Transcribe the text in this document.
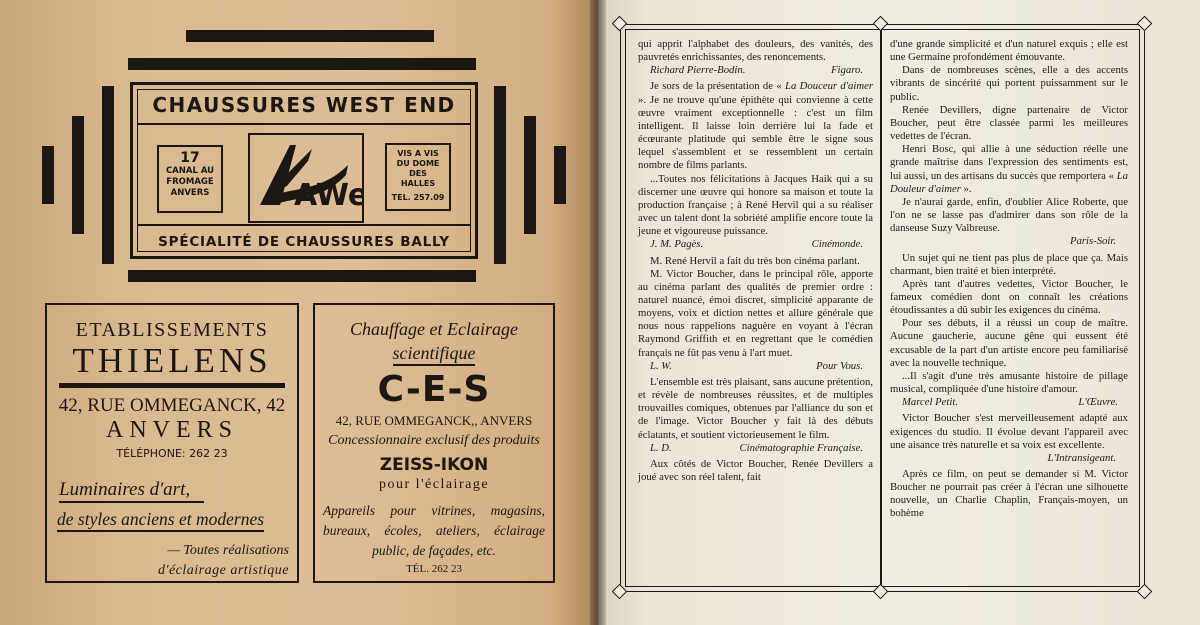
CHAUSSURES WEST END
17
CANAL AU
FROMAGE
ANVERS	AWe
VIS A VIS
DU DOME
DES
HALLES
TEL. 257.09
SPÉCIALITÉ DE CHAUSSURES BALLY
ETABLISSEMENTS
THIELENS
42, RUE OMMEGANCK, 42
ANVERS
TÉLÉPHONE: 262 23
Luminaires d'art,
de styles anciens et modernes
— Toutes réalisations
d'éclairage artistique
Chauffage et Eclairage
scientifique
C-E-S
42, RUE OMMEGANCK,, ANVERS
Concessionnaire exclusif des produits
ZEISS-IKON
pour l'éclairage
Appareils pour vitrines, magasins, bureaux, écoles, ateliers, éclairage public, de façades, etc.
TÉL. 262 23

qui apprit l'alphabet des douleurs, des vanités, des pauvretés enrichissantes, des renoncements.

Richard Pierre-Bodin.	Figaro.

Je sors de la présentation de « La Douceur d'aimer ». Je ne trouve qu'une épithète qui convienne à cette œuvre vraiment exceptionnelle : c'est un film intelligent. Il laisse loin derrière lui la fade et écœurante platitude qui semble être le signe sous lequel s'assemblent et se ressemblent un certain nombre de films parlants.

...Toutes nos félicitations à Jacques Haik qui a su discerner une œuvre qui honore sa maison et toute la production française ; à René Hervil qui a su réaliser avec un talent dont la sobriété amplifie encore toute la jeune et vigoureuse puissance.

J. M. Pagès.	Cinémonde.

M. René Hervil a fait du très bon cinéma parlant.

M. Victor Boucher, dans le principal rôle, apporte au cinéma parlant des qualités de premier ordre : naturel nuancé, émoi discret, simplicité apparante de moyens, voix et diction nettes et allure générale que nous nous rappelions naguère en voyant à l'écran Raymond Griffith et en regrettant que le comédien français ne fût pas venu à l'art muet.

L. W.	Pour Vous.

L'ensemble est très plaisant, sans aucune prétention, et révèle de nombreuses réussites, et de multiples trouvailles comiques, obtenues par l'alliance du son et de l'image. Victor Boucher y fait là des débuts éclatants, et soutient victorieusement le film.

L. D.	Cinématographie Française.

Aux côtés de Victor Boucher, Renée Devillers a joué avec son réel talent, fait

d'une grande simplicité et d'un naturel exquis ; elle est une Germaine profondément émouvante.

Dans de nombreuses scènes, elle a des accents vibrants de sincérité qui portent puissamment sur le public.

Renée Devillers, digne partenaire de Victor Boucher, peut être classée parmi les meilleures vedettes de l'écran.

Henri Bosc, qui allie à une séduction réelle une grande maîtrise dans l'expression des sentiments est, lui aussi, un des artisans du succès que remportera « La Douleur d'aimer ».

Je n'aurai garde, enfin, d'oublier Alice Roberte, que l'on ne se lasse pas d'admirer dans son rôle de la danseuse Suzy Valbreuse.

Paris-Soir.

Un sujet qui ne tient pas plus de place que ça. Mais charmant, bien traité et bien interprété.

Après tant d'autres vedettes, Victor Boucher, le fameux comédien dont on connaît les créations étoudissantes a dû subir les exigences du cinéma.

Pour ses débuts, il a réussi un coup de maître. Aucune gaucherie, aucune gêne qui eussent été excusable de la part d'un artiste encore peu familiarisé avec la nouvelle technique.

...Il s'agit d'une très amusante histoire de pillage musical, compliquée d'une histoire d'amour.

Marcel Petit.	L'Œuvre.

Victor Boucher s'est merveilleusement adapté aux exigences du studio. Il évolue devant l'appareil avec une aisance très naturelle et sa voix est excellente.

L'Intransigeant.

Après ce film, on peut se demander si M. Victor Boucher ne pourrait pas créer à l'écran une silhouette nouvelle, un Charlie Chaplin, Français-moyen, un bohème
